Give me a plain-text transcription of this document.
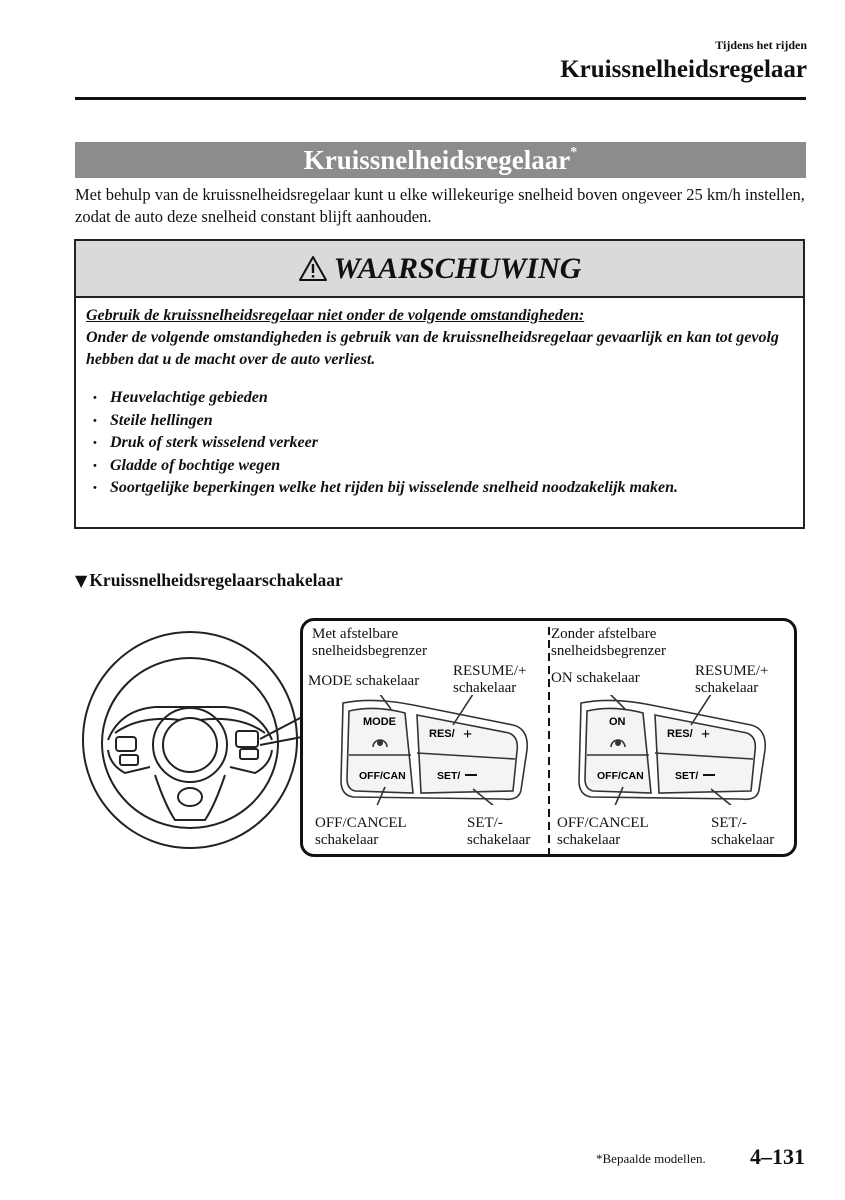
Tijdens het rijden
Kruissnelheidsregelaar
Kruissnelheidsregelaar*
Met behulp van de kruissnelheidsregelaar kunt u elke willekeurige snelheid boven ongeveer 25 km/h instellen, zodat de auto deze snelheid constant blijft aanhouden.
WAARSCHUWING
Gebruik de kruissnelheidsregelaar niet onder de volgende omstandigheden:
Onder de volgende omstandigheden is gebruik van de kruissnelheidsregelaar gevaarlijk en kan tot gevolg hebben dat u de macht over de auto verliest.
• Heuvelachtige gebieden
• Steile hellingen
• Druk of sterk wisselend verkeer
• Gladde of bochtige wegen
• Soortgelijke beperkingen welke het rijden bij wisselende snelheid noodzakelijk maken.
▼ Kruissnelheidsregelaarschakelaar
Met afstelbare
snelheidsbegrenzer
MODE schakelaar
RESUME/+
schakelaar
OFF/CANCEL
schakelaar
SET/-
schakelaar
MODE
RES/ +
OFF/CAN	SET/
Zonder afstelbare
snelheidsbegrenzer
ON schakelaar	RESUME/+
schakelaar
OFF/CANCEL
schakelaar
SET/-
schakelaar
ON
RES/ +
OFF/CAN	SET/
*Bepaalde modellen. 4–131
